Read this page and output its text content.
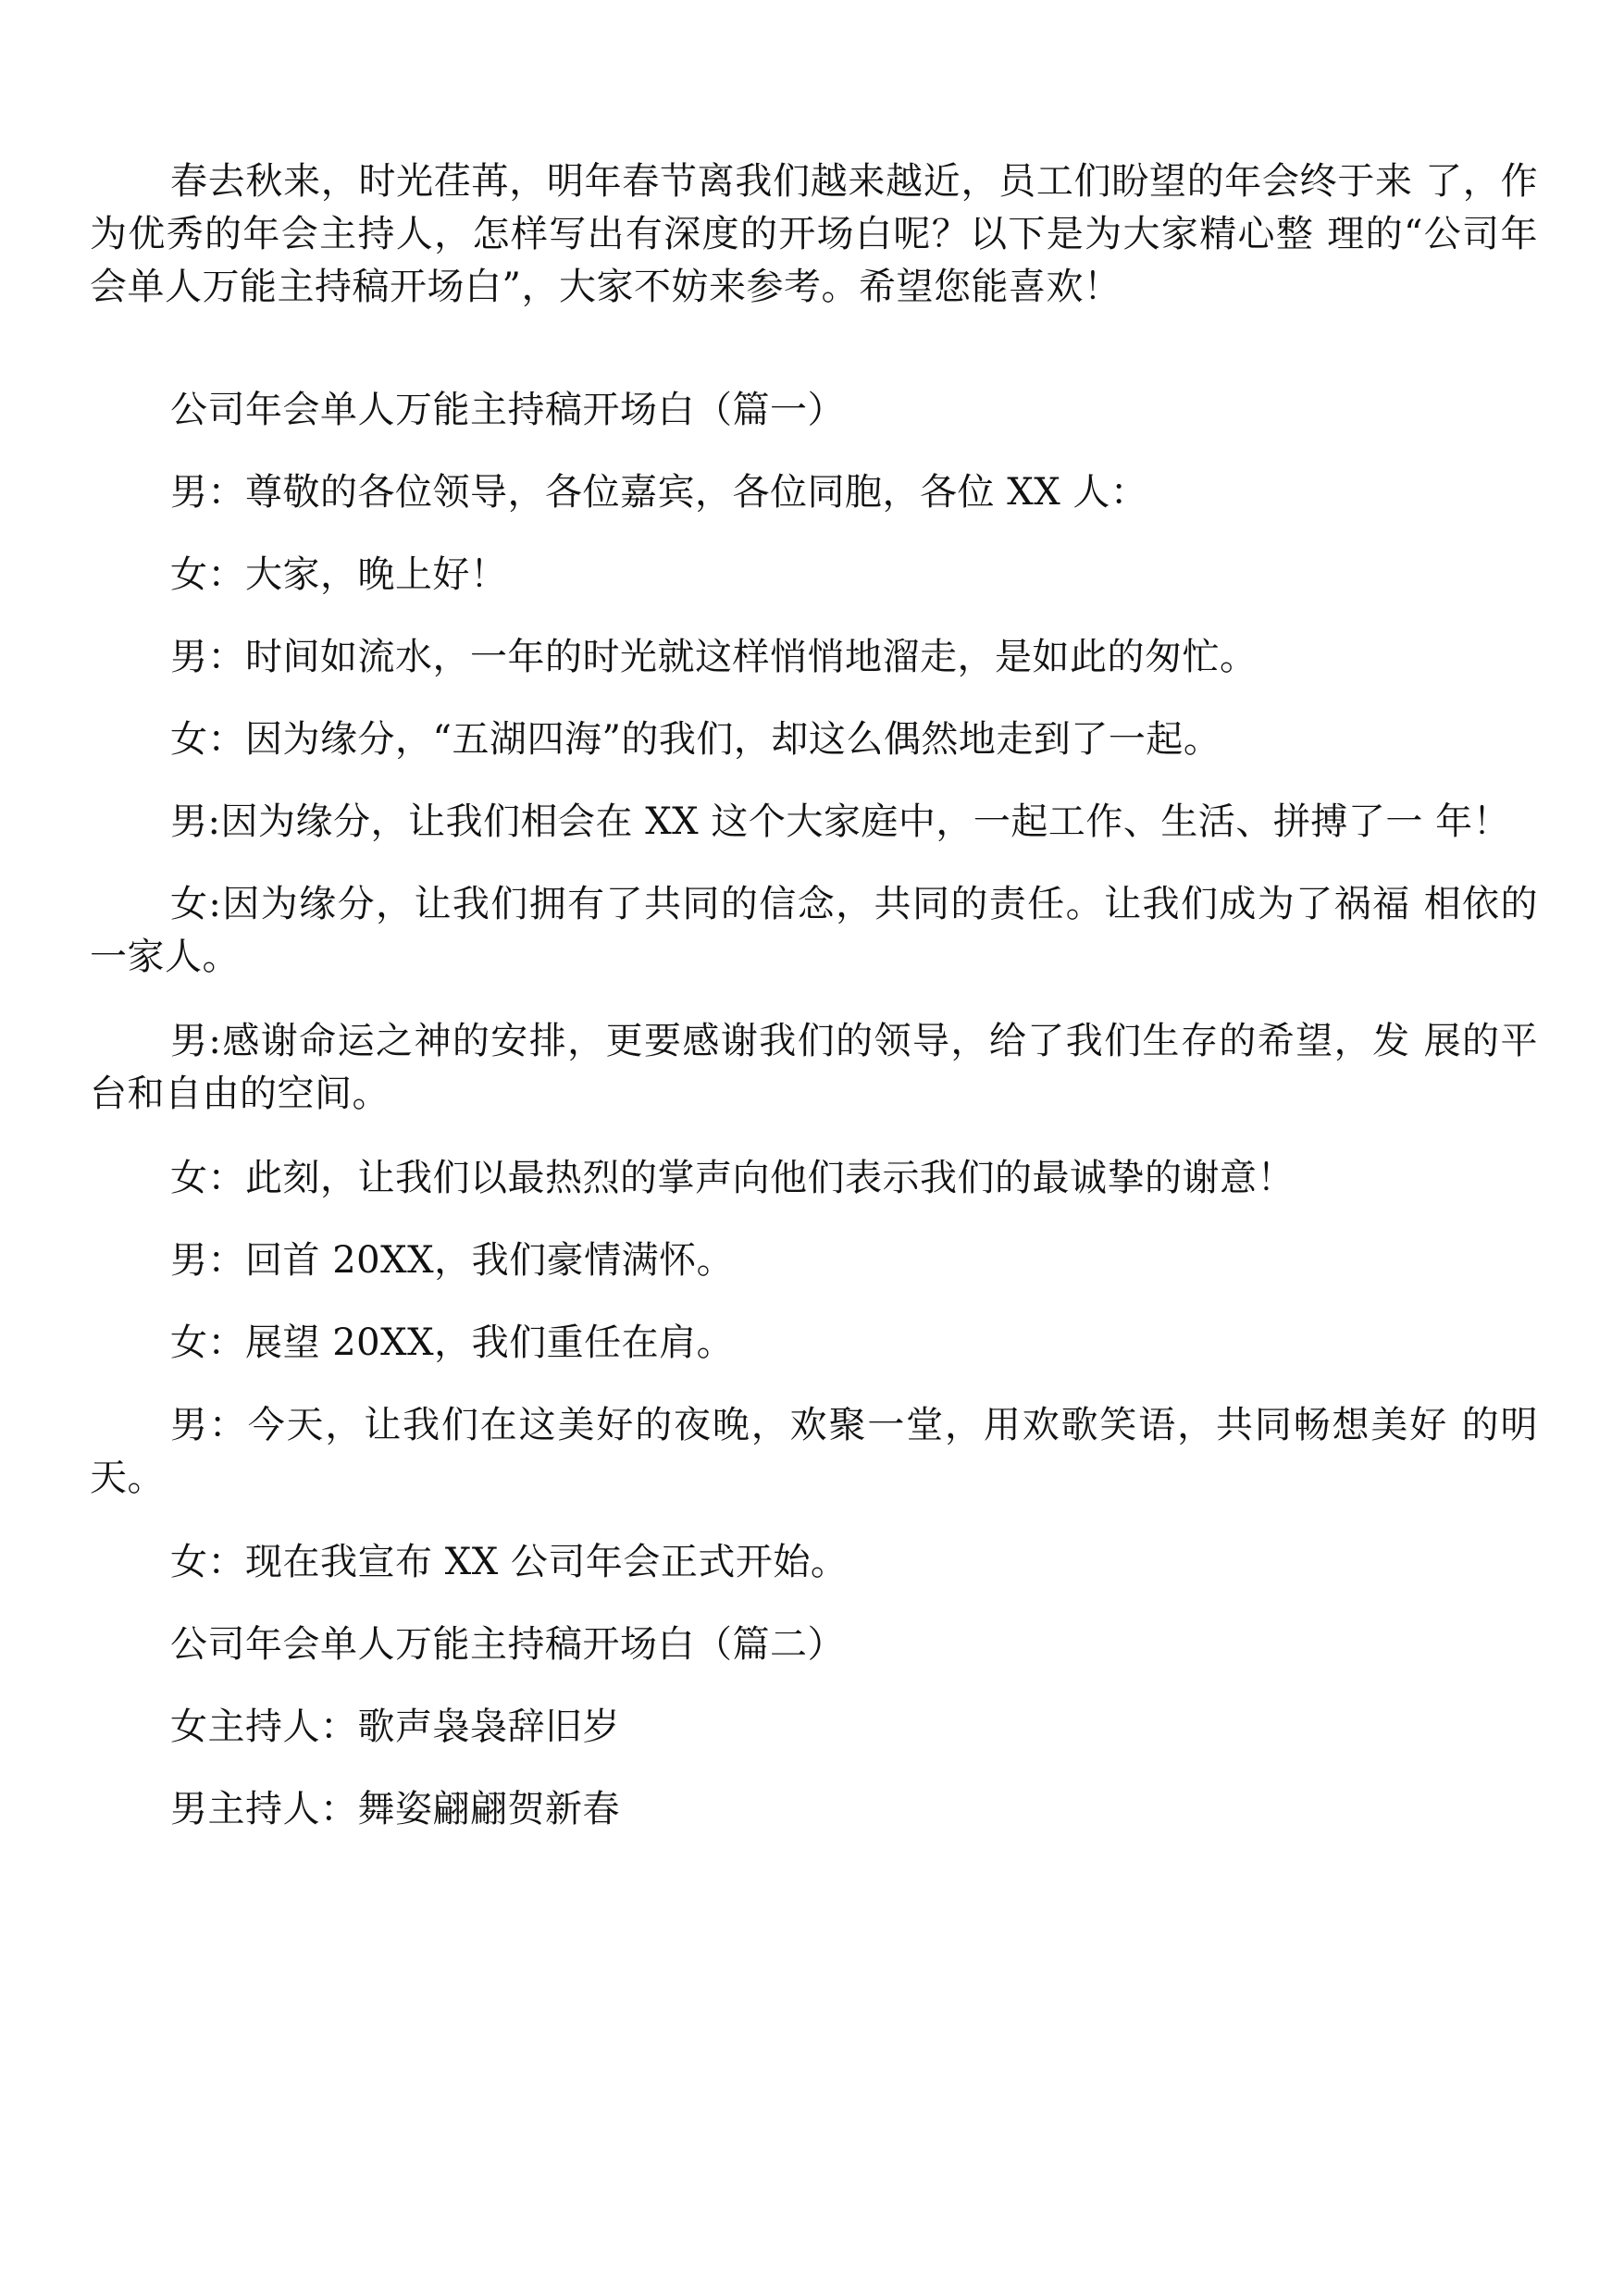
春去秋来，时光荏苒，明年春节离我们越来越近，员工们盼望的年会终于来 了，作为优秀的年会主持人，怎样写出有深度的开场白呢？以下是为大家精心整 理的“公司年会单人万能主持稿开场白”，大家不妨来参考。希望您能喜欢！

公司年会单人万能主持稿开场白（篇一）

男：尊敬的各位领导，各位嘉宾，各位同胞，各位 XX 人：

女：大家，晚上好！

男：时间如流水，一年的时光就这样悄悄地溜走，是如此的匆忙。

女：因为缘分，“五湖四海”的我们，却这么偶然地走到了一起。

男:因为缘分，让我们相会在 XX 这个大家庭中，一起工作、生活、拼搏了一 年！

女:因为缘分，让我们拥有了共同的信念，共同的责任。让我们成为了祸福 相依的一家人。

男:感谢命运之神的安排，更要感谢我们的领导，给了我们生存的希望，发 展的平台和自由的空间。

女：此刻，让我们以最热烈的掌声向他们表示我们的最诚挚的谢意！

男：回首 20XX，我们豪情满怀。

女：展望 20XX，我们重任在肩。

男：今天，让我们在这美好的夜晚，欢聚一堂，用欢歌笑语，共同畅想美好 的明天。

女：现在我宣布 XX 公司年会正式开始。

公司年会单人万能主持稿开场白（篇二）

女主持人：歌声袅袅辞旧岁

男主持人：舞姿翩翩贺新春
